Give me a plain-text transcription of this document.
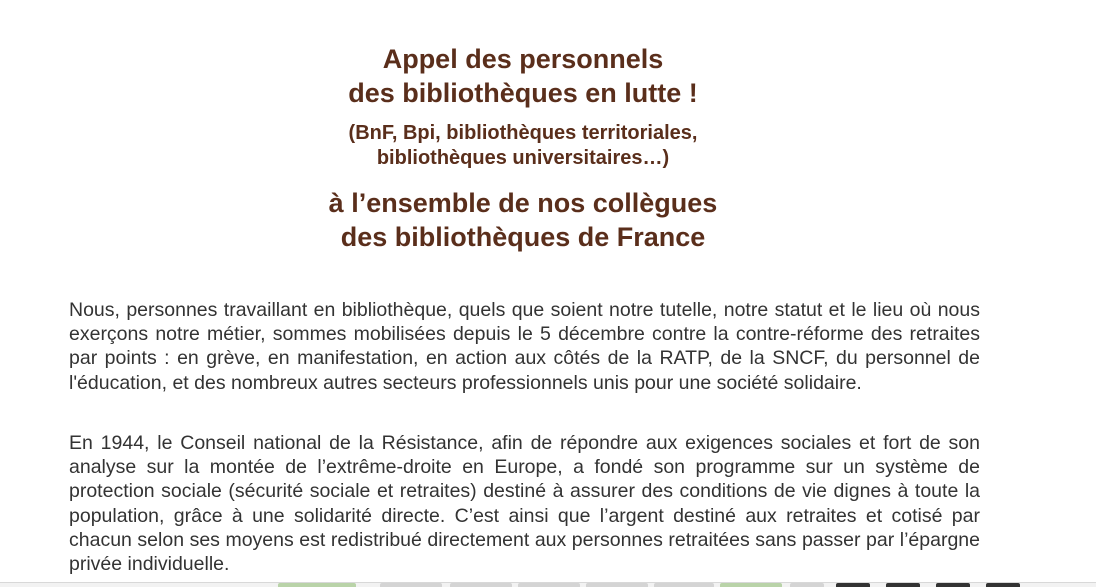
Appel des personnels
des bibliothèques en lutte !
(BnF, Bpi, bibliothèques territoriales,
bibliothèques universitaires…)
à l’ensemble de nos collègues
des bibliothèques de France

Nous, personnes travaillant en bibliothèque, quels que soient notre tutelle, notre statut et le lieu où nous exerçons notre métier, sommes mobilisées depuis le 5 décembre contre la contre-réforme des retraites par points : en grève, en manifestation, en action aux côtés de la RATP, de la SNCF, du personnel de l'éducation, et des nombreux autres secteurs professionnels unis pour une société solidaire.

En 1944, le Conseil national de la Résistance, afin de répondre aux exigences sociales et fort de son analyse sur la montée de l’extrême-droite en Europe, a fondé son programme sur un système de protection sociale (sécurité sociale et retraites) destiné à assurer des conditions de vie dignes à toute la population, grâce à une solidarité directe. C’est ainsi que l’argent destiné aux retraites et cotisé par chacun selon ses moyens est redistribué directement aux personnes retraitées sans passer par l’épargne privée individuelle.
